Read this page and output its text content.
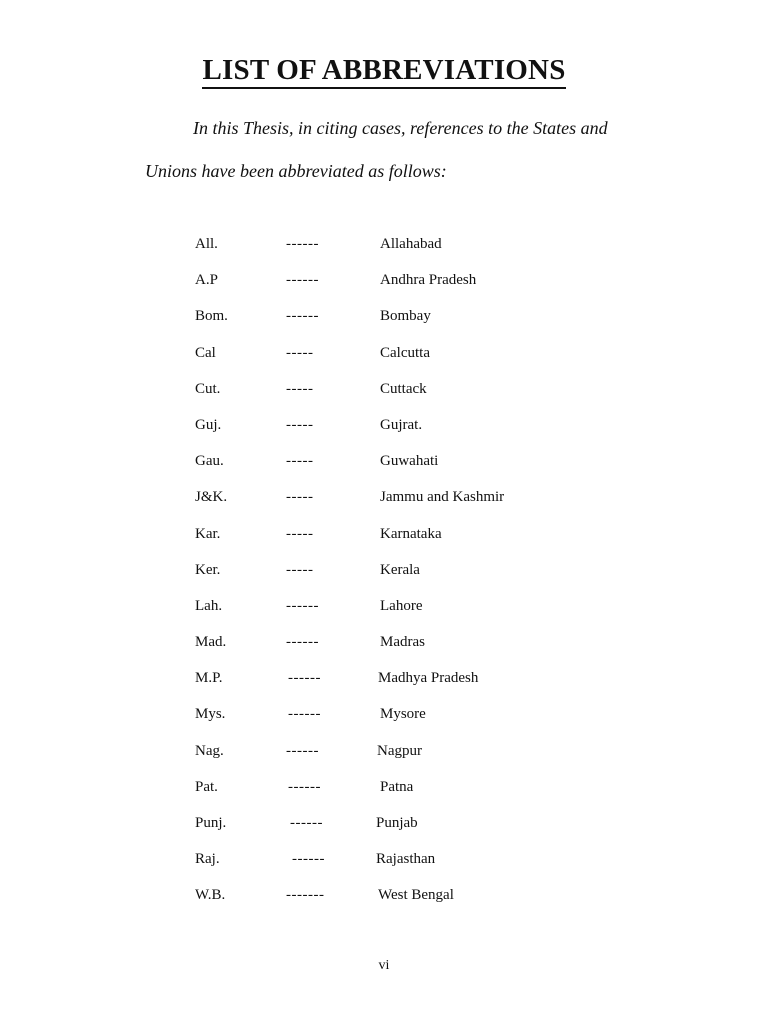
LIST OF ABBREVIATIONS
In this Thesis, in citing cases, references to the States and
Unions have been abbreviated as follows:
All.	------	Allahabad
A.P	------	Andhra Pradesh
Bom.	------	Bombay
Cal	-----	Calcutta
Cut.	-----	Cuttack
Guj.	-----	Gujrat.
Gau.	-----	Guwahati
J&K.	-----	Jammu and Kashmir
Kar.	-----	Karnataka
Ker.	-----	Kerala
Lah.	------	Lahore
Mad.	------	Madras
M.P.	------	Madhya Pradesh
Mys.	------	Mysore
Nag.	------	Nagpur
Pat.	------	Patna
Punj.	------	Punjab
Raj.	------	Rajasthan
W.B.	-------	West Bengal
vi
